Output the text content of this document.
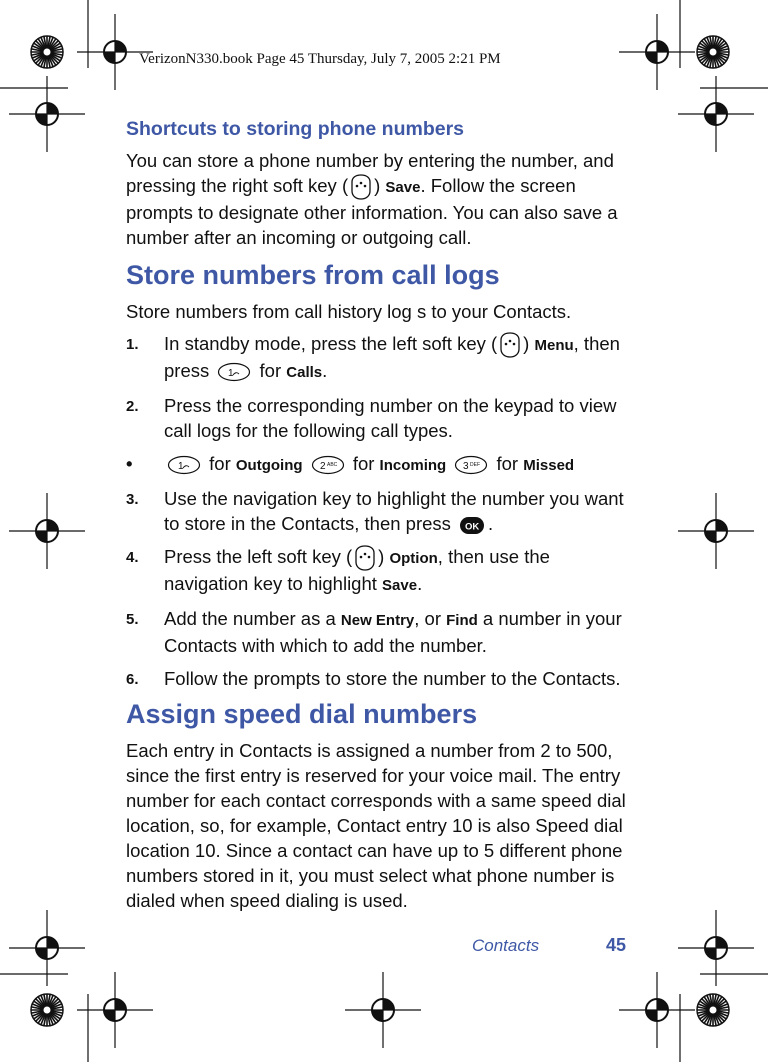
VerizonN330.book Page 45 Thursday, July 7, 2005 2:21 PM
Shortcuts to storing phone numbers

You can store a phone number by entering the number, and pressing the right soft key ( ) Save. Follow the screen prompts to designate other information. You can also save a number after an incoming or outgoing call.

Store numbers from call logs

Store numbers from call history log s to your Contacts.

1. In standby mode, press the left soft key ( ) Menu, then press 1 for Calls.
2. Press the corresponding number on the keypad to view call logs for the following call types.
•	1 for Outgoing 2 ABC for Incoming 3 DEF for Missed
3. Use the navigation key to highlight the number you want to store in the Contacts, then press OK .
4. Press the left soft key ( ) Option, then use the navigation key to highlight Save.
5. Add the number as a New Entry, or Find a number in your Contacts with which to add the number.
6. Follow the prompts to store the number to the Contacts.
Assign speed dial numbers

Each entry in Contacts is assigned a number from 2 to 500, since the first entry is reserved for your voice mail. The entry number for each contact corresponds with a same speed dial location, so, for example, Contact entry 10 is also Speed dial location 10. Since a contact can have up to 5 different phone numbers stored in it, you must select what phone number is dialed when speed dialing is used.

Contacts	45
